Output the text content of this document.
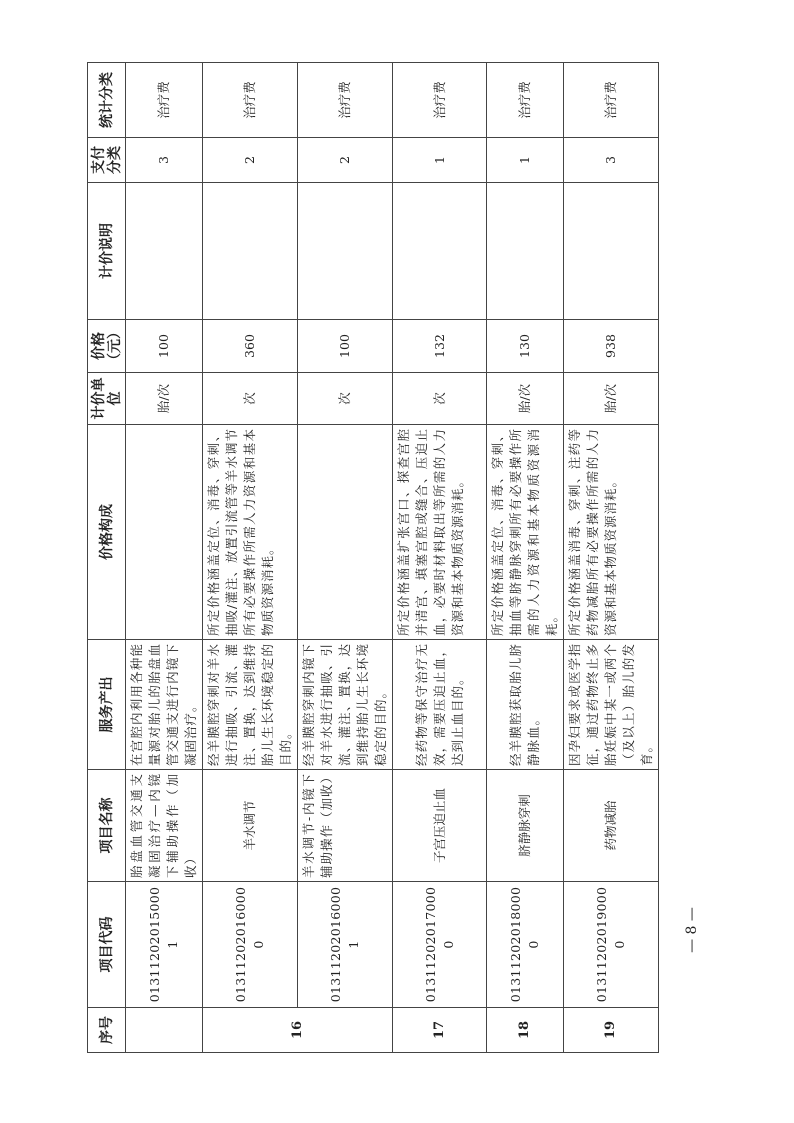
序号	项目代码	项目名称	服务产出	价格构成	计价单位	价格（元）	计价说明	支付分类	统计分类
	013112020150001	胎盘血管交通支凝固治疗—内镜下辅助操作（加收）	在宫腔内利用各种能量源对胎儿的胎盘血管交通支进行内镜下凝固治疗。		胎/次	100		3	治疗费
16	013112020160000	羊水调节	经羊膜腔穿刺对羊水进行抽吸、引流、灌注、置换，达到维持胎儿生长环境稳定的目的。	所定价格涵盖定位、消毒、穿刺、抽吸/灌注、放置引流管等羊水调节所有必要操作所需人力资源和基本物质资源消耗。	次	360		2	治疗费
	013112020160001	羊水调节-内镜下辅助操作（加收）	经羊膜腔穿刺内镜下对羊水进行抽吸、引流、灌注、置换，达到维持胎儿生长环境稳定的目的。		次	100		2	治疗费
17	013112020170000	子宫压迫止血	经药物等保守治疗无效，需要压迫止血，达到止血目的。	所定价格涵盖扩张宫口、探查宫腔并清宫、填塞宫腔或缝合、压迫止血，必要时材料取出等所需的人力资源和基本物质资源消耗。	次	132		1	治疗费
18	013112020180000	脐静脉穿刺	经羊膜腔获取胎儿脐静脉血。	所定价格涵盖定位、消毒、穿刺、抽血等脐静脉穿刺所有必要操作所需的人力资源和基本物质资源消耗。	胎/次	130		1	治疗费
19	013112020190000	药物减胎	因孕妇要求或医学指征，通过药物终止多胎妊娠中某一或两个（及以上）胎儿的发育。	所定价格涵盖消毒、穿刺、注药等药物减胎所有必要操作所需的人力资源和基本物质资源消耗。	胎/次	938		3	治疗费
— 8 —
